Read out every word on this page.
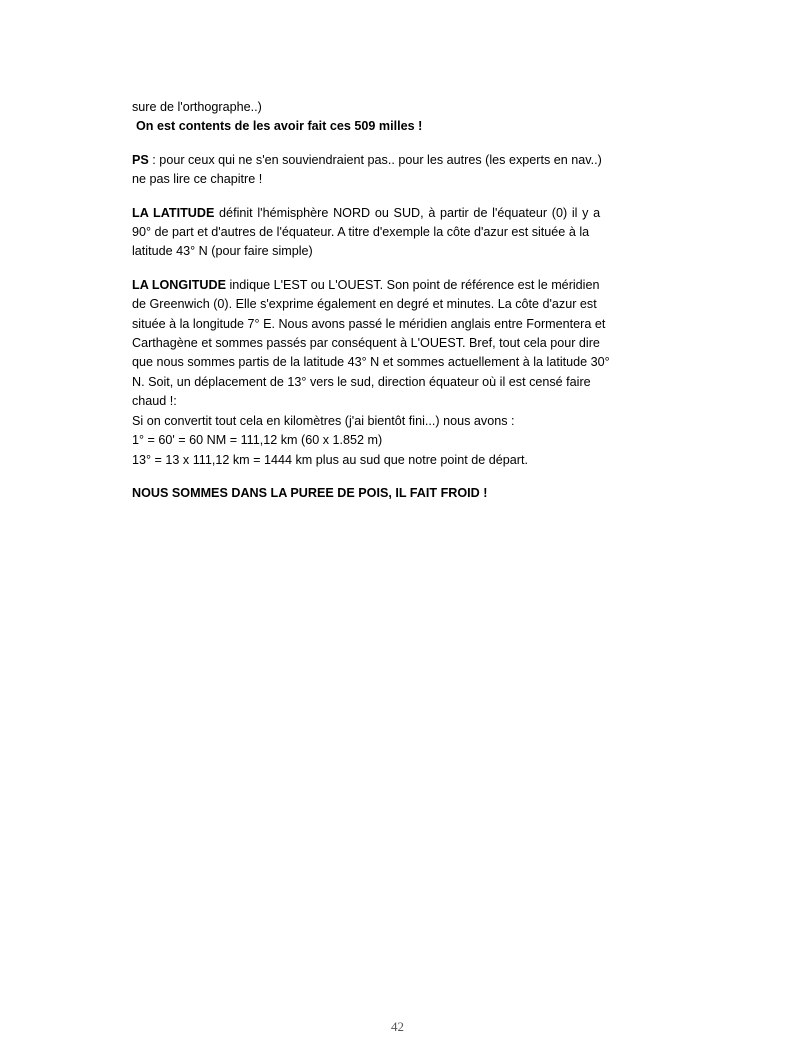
sure de l'orthographe..)
On est contents de les avoir fait ces 509 milles !
PS : pour ceux qui ne s'en souviendraient pas.. pour les autres (les experts en nav..)
ne pas lire ce chapitre !
LA LATITUDE définit l'hémisphère NORD ou SUD, à partir de l'équateur (0) il y a
90° de part et d'autres de l'équateur. A titre d'exemple la côte d'azur est située à la
latitude 43° N (pour faire simple)
LA LONGITUDE indique L'EST ou L'OUEST. Son point de référence est le méridien
de Greenwich (0). Elle s'exprime également en degré et minutes. La côte d'azur est
située à la longitude 7° E. Nous avons passé le méridien anglais entre Formentera et
Carthagène et sommes passés par conséquent à L'OUEST. Bref, tout cela pour dire
que nous sommes partis de la latitude 43° N et sommes actuellement à la latitude 30°
N. Soit, un déplacement de 13° vers le sud, direction équateur où il est censé faire
chaud !:
Si on convertit tout cela en kilomètres (j'ai bientôt fini...) nous avons :
1° = 60' = 60 NM = 111,12 km (60 x 1.852 m)
13° = 13 x 111,12 km = 1444 km plus au sud que notre point de départ.
NOUS SOMMES DANS LA PUREE DE POIS, IL FAIT FROID !
42
